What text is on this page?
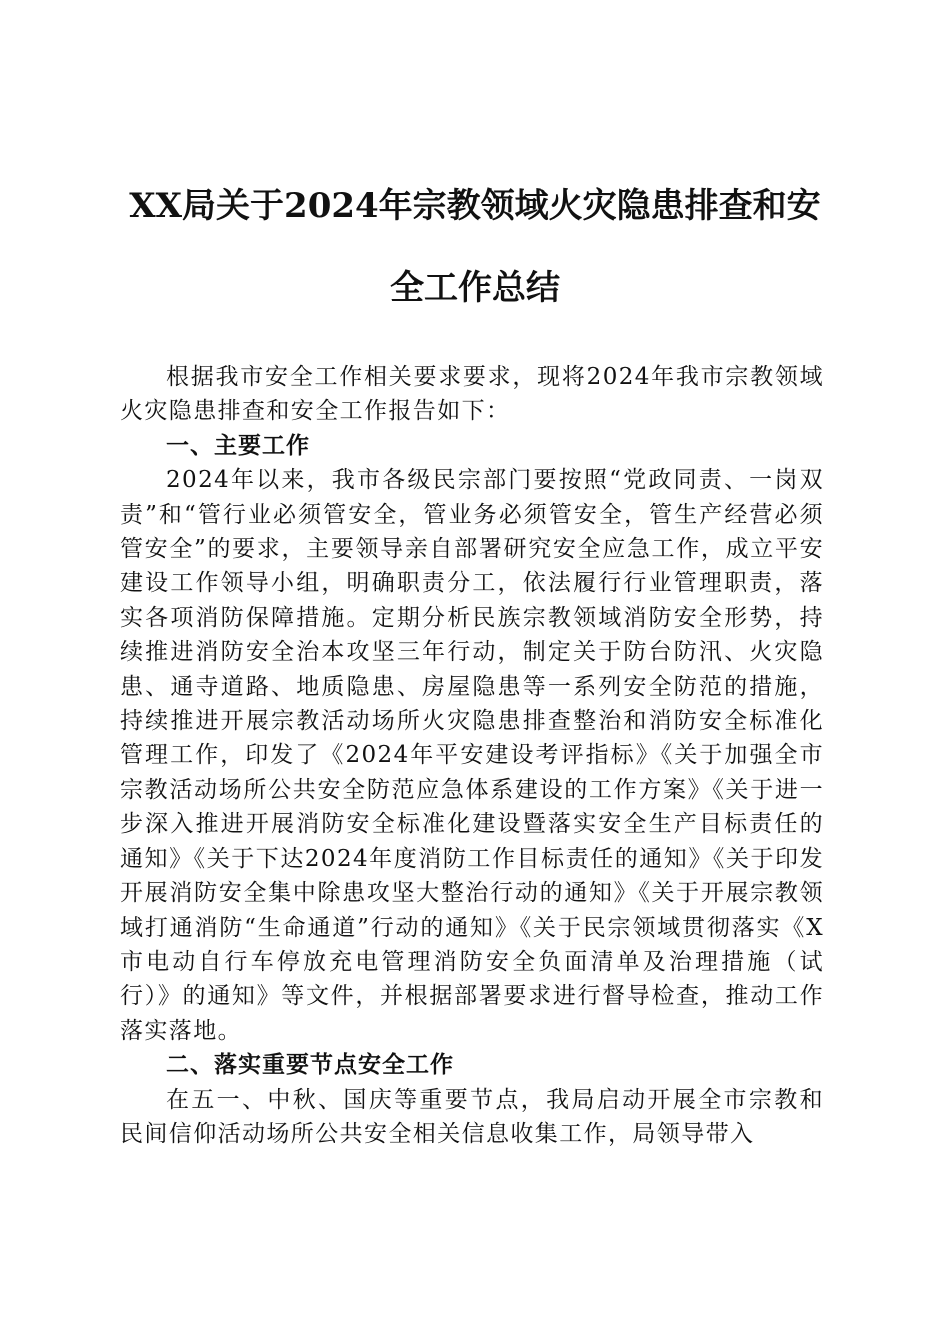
XX局关于2024年宗教领域火灾隐患排查和安
全工作总结

根据我市安全工作相关要求要求，现将2024年我市宗教领域火灾隐患排查和安全工作报告如下：

一、主要工作

2024年以来，我市各级民宗部门要按照“党政同责、一岗双责”和“管行业必须管安全，管业务必须管安全，管生产经营必须管安全”的要求，主要领导亲自部署研究安全应急工作，成立平安建设工作领导小组，明确职责分工，依法履行行业管理职责，落实各项消防保障措施。定期分析民族宗教领域消防安全形势，持续推进消防安全治本攻坚三年行动，制定关于防台防汛、火灾隐患、通寺道路、地质隐患、房屋隐患等一系列安全防范的措施，持续推进开展宗教活动场所火灾隐患排查整治和消防安全标准化管理工作，印发了《2024年平安建设考评指标》《关于加强全市宗教活动场所公共安全防范应急体系建设的工作方案》《关于进一步深入推进开展消防安全标准化建设暨落实安全生产目标责任的通知》《关于下达2024年度消防工作目标责任的通知》《关于印发开展消防安全集中除患攻坚大整治行动的通知》《关于开展宗教领域打通消防“生命通道”行动的通知》《关于民宗领域贯彻落实《X市电动自行车停放充电管理消防安全负面清单及治理措施（试行）》的通知》等文件，并根据部署要求进行督导检查，推动工作落实落地。

二、落实重要节点安全工作

在五一、中秋、国庆等重要节点，我局启动开展全市宗教和民间信仰活动场所公共安全相关信息收集工作，局领导带入
